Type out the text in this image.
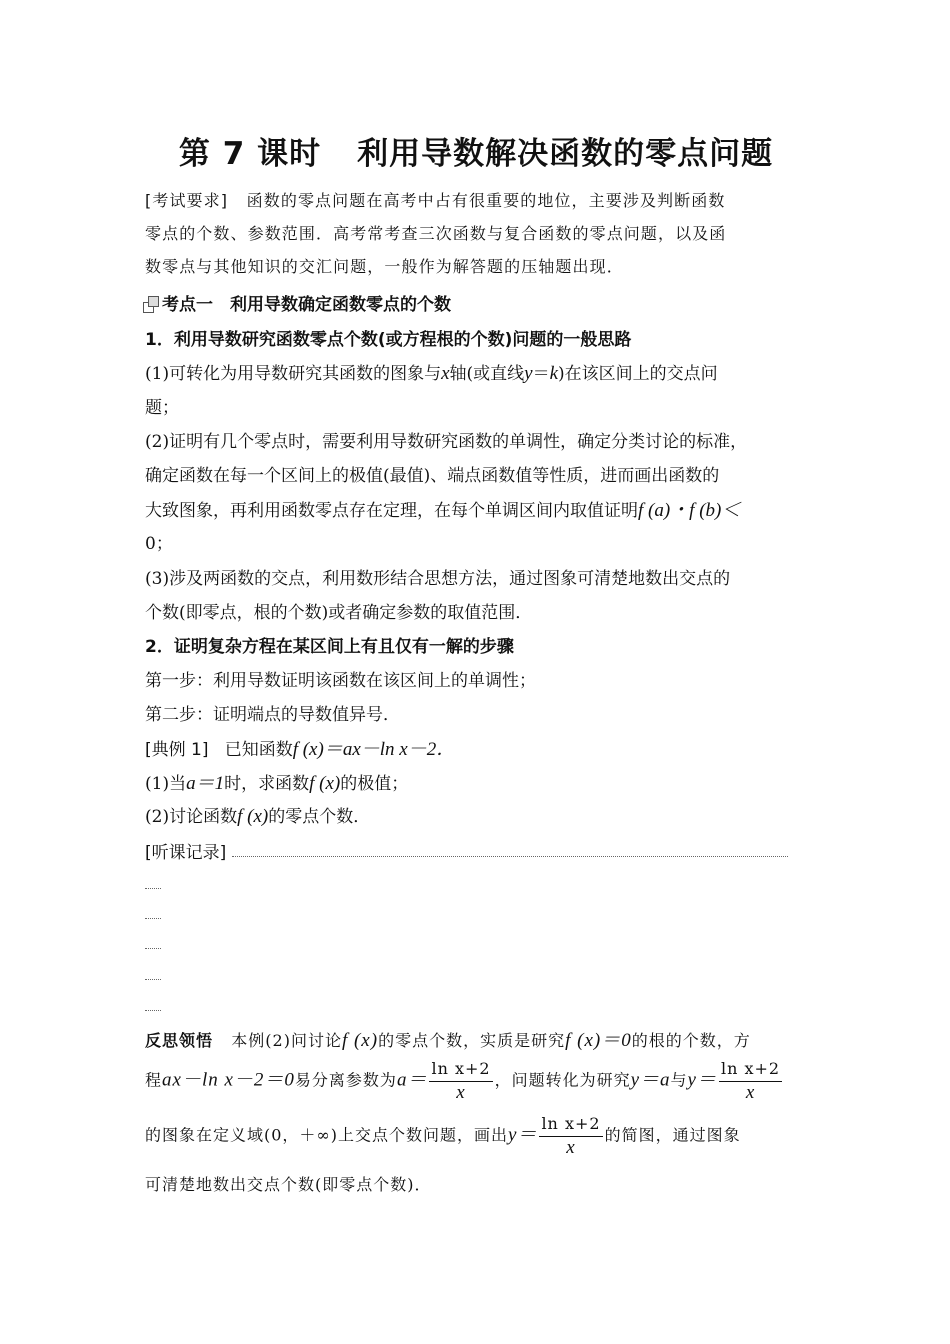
第 7 课时 利用导数解决函数的零点问题
[考试要求] 函数的零点问题在高考中占有很重要的地位，主要涉及判断函数
零点的个数、参数范围．高考常考查三次函数与复合函数的零点问题，以及函
数零点与其他知识的交汇问题，一般作为解答题的压轴题出现．
考点一　利用导数确定函数零点的个数
1．利用导数研究函数零点个数(或方程根的个数)问题的一般思路
(1)可转化为用导数研究其函数的图象与x轴(或直线y＝k)在该区间上的交点问
题；
(2)证明有几个零点时，需要利用导数研究函数的单调性，确定分类讨论的标准，
确定函数在每一个区间上的极值(最值)、端点函数值等性质，进而画出函数的
大致图象，再利用函数零点存在定理，在每个单调区间内取值证明f (a)・f (b)＜
0；
(3)涉及两函数的交点，利用数形结合思想方法，通过图象可清楚地数出交点的
个数(即零点，根的个数)或者确定参数的取值范围．
2．证明复杂方程在某区间上有且仅有一解的步骤
第一步：利用导数证明该函数在该区间上的单调性；
第二步：证明端点的导数值异号．
[典例 1] 已知函数f (x)＝ax－ln x－2．
(1)当a＝1时，求函数f (x)的极值；
(2)讨论函数f (x)的零点个数．
[听课记录]
反思领悟 本例(2)问讨论f (x)的零点个数，实质是研究f (x)＝0的根的个数，方
程ax－ln x－2＝0易分离参数为$a= \frac{\text{ln x+2}}{x}$ ，问题转化为研究y＝a与$y= \frac{\text{ln x+2}}{x}$
的图象在定义域(0，＋∞)上交点个数问题，画出$y= \frac{\text{ln x+2}}{x}$ 的简图，通过图象
可清楚地数出交点个数(即零点个数)．
